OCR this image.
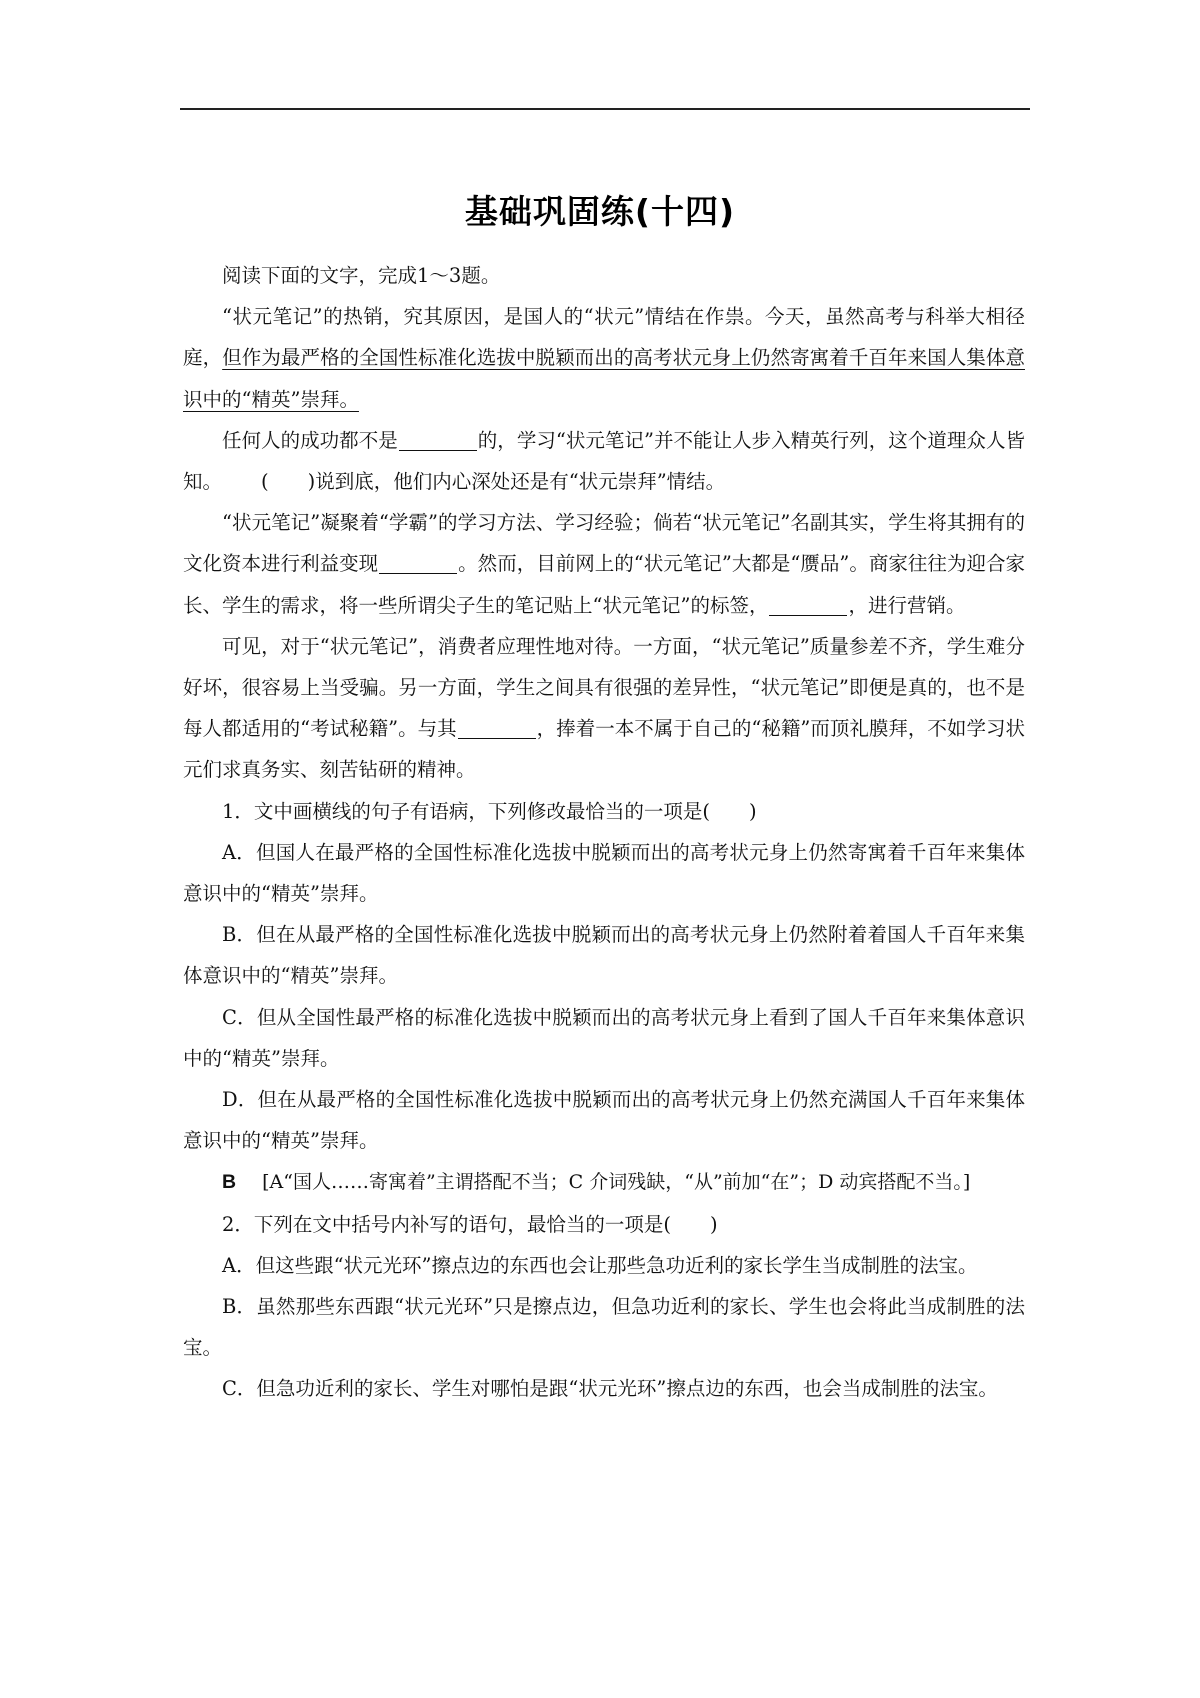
基础巩固练(十四)

阅读下面的文字，完成1～3题。

“状元笔记”的热销，究其原因，是国人的“状元”情结在作祟。今天，虽然高考与科举大相径庭，但作为最严格的全国性标准化选拔中脱颖而出的高考状元身上仍然寄寓着千百年来国人集体意识中的“精英”崇拜。

任何人的成功都不是	的，学习“状元笔记”并不能让人步入精英行列，这个道理众人皆知。 (　　)说到底，他们内心深处还是有“状元崇拜”情结。

“状元笔记”凝聚着“学霸”的学习方法、学习经验；倘若“状元笔记”名副其实，学生将其拥有的文化资本进行利益变现	。然而，目前网上的“状元笔记”大都是“赝品”。商家往往为迎合家长、学生的需求，将一些所谓尖子生的笔记贴上“状元笔记”的标签，	，进行营销。

可见，对于“状元笔记”，消费者应理性地对待。一方面，“状元笔记”质量参差不齐，学生难分好坏，很容易上当受骗。另一方面，学生之间具有很强的差异性，“状元笔记”即便是真的，也不是每人都适用的“考试秘籍”。与其	，捧着一本不属于自己的“秘籍”而顶礼膜拜，不如学习状元们求真务实、刻苦钻研的精神。

1．文中画横线的句子有语病，下列修改最恰当的一项是(　　)

A．但国人在最严格的全国性标准化选拔中脱颖而出的高考状元身上仍然寄寓着千百年来集体意识中的“精英”崇拜。

B．但在从最严格的全国性标准化选拔中脱颖而出的高考状元身上仍然附着着国人千百年来集体意识中的“精英”崇拜。

C．但从全国性最严格的标准化选拔中脱颖而出的高考状元身上看到了国人千百年来集体意识中的“精英”崇拜。

D．但在从最严格的全国性标准化选拔中脱颖而出的高考状元身上仍然充满国人千百年来集体意识中的“精英”崇拜。

B [A“国人……寄寓着”主谓搭配不当；C 介词残缺，“从”前加“在”；D 动宾搭配不当。]

2．下列在文中括号内补写的语句，最恰当的一项是(　　)

A．但这些跟“状元光环”擦点边的东西也会让那些急功近利的家长学生当成制胜的法宝。

B．虽然那些东西跟“状元光环”只是擦点边，但急功近利的家长、学生也会将此当成制胜的法宝。

C．但急功近利的家长、学生对哪怕是跟“状元光环”擦点边的东西，也会当成制胜的法宝。
